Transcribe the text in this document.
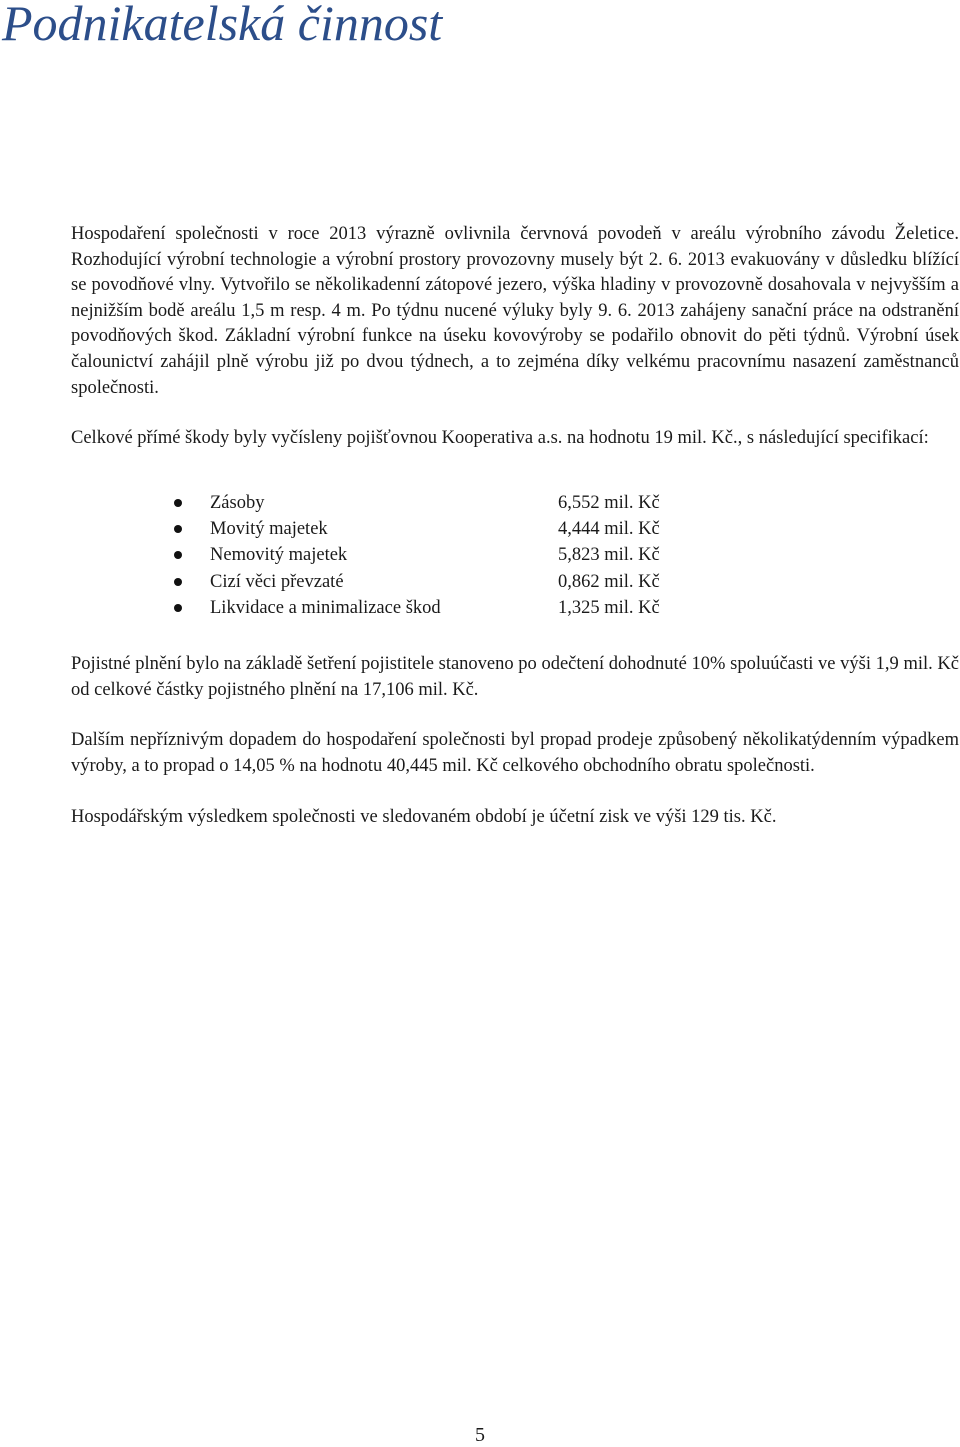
Podnikatelská činnost

Hospodaření společnosti v roce 2013 výrazně ovlivnila červnová povodeň v areálu výrobního závodu Želetice. Rozhodující výrobní technologie a výrobní prostory provozovny musely být 2. 6. 2013 evakuovány v důsledku blížící se povodňové vlny. Vytvořilo se několikadenní zátopové jezero, výška hladiny v provozovně dosahovala v nejvyšším a nejnižším bodě areálu 1,5 m resp. 4 m. Po týdnu nucené výluky byly 9. 6. 2013 zahájeny sanační práce na odstranění povodňových škod. Základní výrobní funkce na úseku kovovýroby se podařilo obnovit do pěti týdnů. Výrobní úsek čalounictví zahájil plně výrobu již po dvou týdnech, a to zejména díky velkému pracovnímu nasazení zaměstnanců společnosti.

Celkové přímé škody byly vyčísleny pojišťovnou Kooperativa a.s. na hodnotu 19 mil. Kč., s následující specifikací:

Zásoby	6,552 mil. Kč
Movitý majetek	4,444 mil. Kč
Nemovitý majetek	5,823 mil. Kč
Cizí věci převzaté	0,862 mil. Kč
Likvidace a minimalizace škod	1,325 mil. Kč

Pojistné plnění bylo na základě šetření pojistitele stanoveno po odečtení dohodnuté 10% spoluúčasti ve výši 1,9 mil. Kč od celkové částky pojistného plnění na 17,106 mil. Kč.

Dalším nepříznivým dopadem do hospodaření společnosti byl propad prodeje způsobený několikatýdenním výpadkem výroby, a to propad o 14,05 % na hodnotu 40,445 mil. Kč celkového obchodního obratu společnosti.

Hospodářským výsledkem společnosti ve sledovaném období je účetní zisk ve výši 129 tis. Kč.

5
